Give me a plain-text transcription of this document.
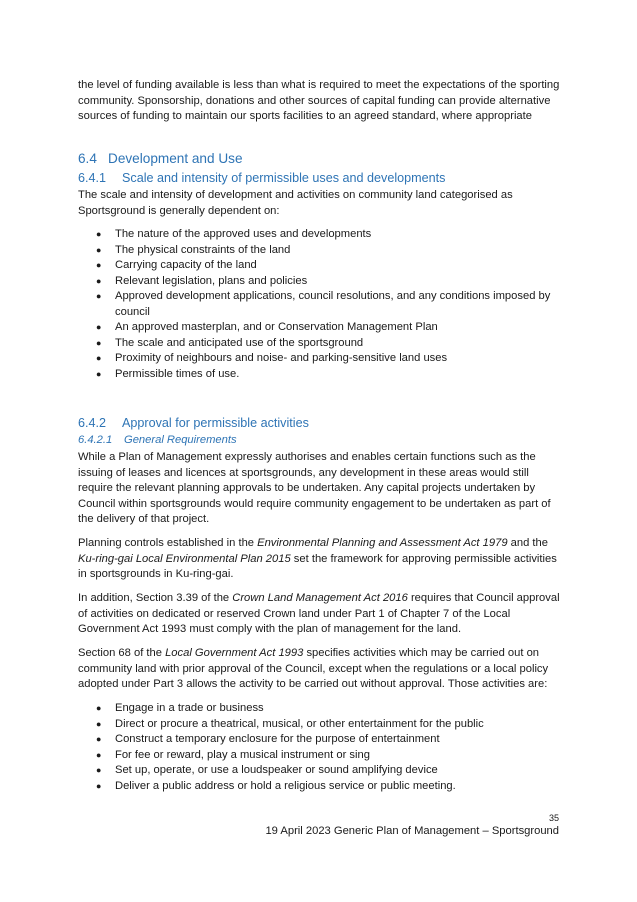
the level of funding available is less than what is required to meet the expectations of the sporting
community. Sponsorship, donations and other sources of capital funding can provide alternative
sources of funding to maintain our sports facilities to an agreed standard, where appropriate

6.4 Development and Use
6.4.1 Scale and intensity of permissible uses and developments

The scale and intensity of development and activities on community land categorised as Sportsground is generally dependent on:

● The nature of the approved uses and developments
● The physical constraints of the land
● Carrying capacity of the land
● Relevant legislation, plans and policies
● Approved development applications, council resolutions, and any conditions imposed by council
● An approved masterplan, and or Conservation Management Plan
● The scale and anticipated use of the sportsground
● Proximity of neighbours and noise- and parking-sensitive land uses
● Permissible times of use.
6.4.2 Approval for permissible activities
6.4.2.1 General Requirements

While a Plan of Management expressly authorises and enables certain functions such as the issuing of leases and licences at sportsgrounds, any development in these areas would still require the relevant planning approvals to be undertaken. Any capital projects undertaken by Council within sportsgrounds would require community engagement to be undertaken as part of the delivery of that project.

Planning controls established in the Environmental Planning and Assessment Act 1979 and the Ku-ring-gai Local Environmental Plan 2015 set the framework for approving permissible activities in sportsgrounds in Ku-ring-gai.

In addition, Section 3.39 of the Crown Land Management Act 2016 requires that Council approval of activities on dedicated or reserved Crown land under Part 1 of Chapter 7 of the Local Government Act 1993 must comply with the plan of management for the land.

Section 68 of the Local Government Act 1993 specifies activities which may be carried out on community land with prior approval of the Council, except when the regulations or a local policy adopted under Part 3 allows the activity to be carried out without approval. Those activities are:

● Engage in a trade or business
● Direct or procure a theatrical, musical, or other entertainment for the public
● Construct a temporary enclosure for the purpose of entertainment
● For fee or reward, play a musical instrument or sing
● Set up, operate, or use a loudspeaker or sound amplifying device
● Deliver a public address or hold a religious service or public meeting.
35
19 April 2023 Generic Plan of Management – Sportsground
